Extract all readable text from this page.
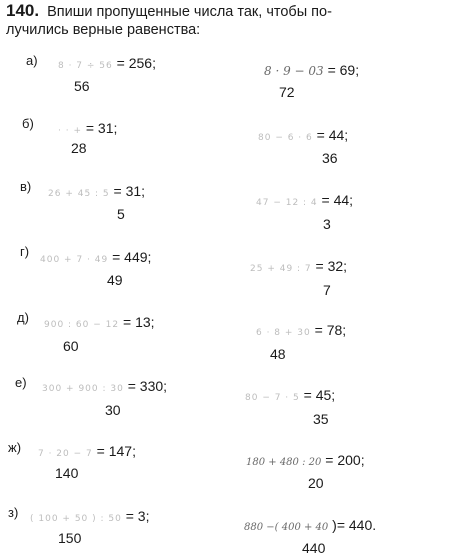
140. Впиши пропущенные числа так, чтобы по-
лучились верные равенства:
а) 8 · 7 ÷ 56 = 256;
56
б)	· · + = 31;
28
в) 26 + 45 : 5 = 31;
5
г)
400 + 7 · 49 = 449;
49
д) 900 : 60 − 12 = 13;
60
е) 300 + 900 : 30 = 330;
30
ж) 7 · 20 − 7 = 147;
140
з) ( 100 + 50 ) : 50 = 3;
150
8 · 9 − 03 = 69;
72
80 − 6 · 6 = 44;
36
47 − 12 : 4 = 44;
3
25 + 49 : 7 = 32;
7
6 · 8 + 30 = 78;
48
80 − 7 · 5 = 45;
35
180 + 480 : 20 = 200;
20
880 −( 400 + 40 )= 440.
440
